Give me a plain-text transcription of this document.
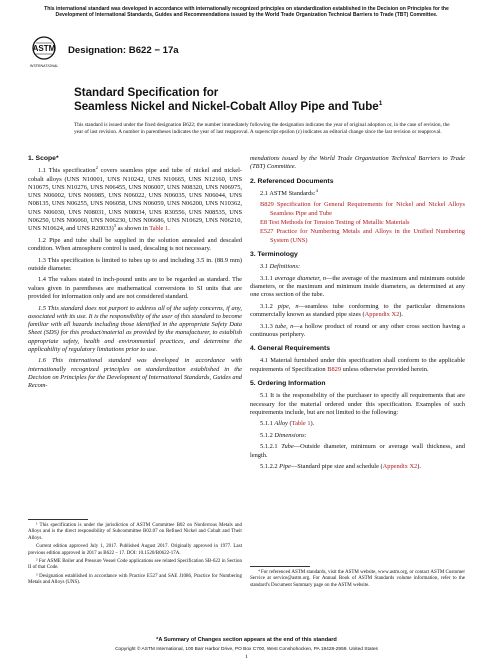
This international standard was developed in accordance with internationally recognized principles on standardization established in the Decision on Principles for the Development of International Standards, Guides and Recommendations issued by the World Trade Organization Technical Barriers to Trade (TBT) Committee.
ASTM
INTERNATIONAL
Designation: B622 − 17a
Standard Specification for
Seamless Nickel and Nickel-Cobalt Alloy Pipe and Tube$^1$
This standard is issued under the fixed designation B622; the number immediately following the designation indicates the year of original adoption or, in the case of revision, the year of last revision. A number in parentheses indicates the year of last reapproval. A superscript epsilon (ε) indicates an editorial change since the last revision or reapproval.
1. Scope*
1.1 This specification$^2$ covers seamless pipe and tube of nickel and nickel-cobalt alloys (UNS N10001, UNS N10242, UNS N10665, UNS N12160, UNS N10675, UNS N10276, UNS N06455, UNS N06007, UNS N08320, UNS N06975, UNS N06002, UNS N06985, UNS N06022, UNS N06035, UNS N06044, UNS N08135, UNS N06255, UNS N06058, UNS N06059, UNS N06200, UNS N10362, UNS N06030, UNS N08031, UNS N08034, UNS R30556, UNS N08535, UNS N06250, UNS N06060, UNS N06230, UNS N06686, UNS N10629, UNS N06210, UNS N10624, and UNS R20033)$^3$ as shown in Table 1.
1.2 Pipe and tube shall be supplied in the solution annealed and descaled condition. When atmosphere control is used, descaling is not necessary.
1.3 This specification is limited to tubes up to and including 3.5 in. (88.9 mm) outside diameter.
1.4 The values stated in inch-pound units are to be regarded as standard. The values given in parentheses are mathematical conversions to SI units that are provided for information only and are not considered standard.
1.5 This standard does not purport to address all of the safety concerns, if any, associated with its use. It is the responsibility of the user of this standard to become familiar with all hazards including those identified in the appropriate Safety Data Sheet (SDS) for this product/material as provided by the manufacturer, to establish appropriate safety, health and environmental practices, and determine the applicability of regulatory limitations prior to use.
1.6 This international standard was developed in accordance with internationally recognized principles on standardization established in the Decision on Principles for the Development of International Standards, Guides and Recom-
mendations issued by the World Trade Organization Technical Barriers to Trade (TBT) Committee.
2. Referenced Documents
2.1 ASTM Standards:$^4$
B829 Specification for General Requirements for Nickel and Nickel Alloys Seamless Pipe and Tube
E8 Test Methods for Tension Testing of Metallic Materials
E527 Practice for Numbering Metals and Alloys in the Unified Numbering System (UNS)
3. Terminology
3.1 Definitions:
3.1.1 average diameter, n—the average of the maximum and minimum outside diameters, or the maximum and minimum inside diameters, as determined at any one cross section of the tube.
3.1.2 pipe, n—seamless tube conforming to the particular dimensions commercially known as standard pipe sizes (Appendix X2).
3.1.3 tube, n—a hollow product of round or any other cross section having a continuous periphery.
4. General Requirements
4.1 Material furnished under this specification shall conform to the applicable requirements of Specification B829 unless otherwise provided herein.
5. Ordering Information
5.1 It is the responsibility of the purchaser to specify all requirements that are necessary for the material ordered under this specification. Examples of such requirements include, but are not limited to the following:
5.1.1 Alloy (Table 1).
5.1.2 Dimensions:
5.1.2.1 Tube—Outside diameter, minimum or average wall thickness, and length.
5.1.2.2 Pipe—Standard pipe size and schedule (Appendix X2).
¹ This specification is under the jurisdiction of ASTM Committee B02 on Nonferrous Metals and Alloys and is the direct responsibility of Subcommittee B02.07 on Refined Nickel and Cobalt and Their Alloys.
Current edition approved July 1, 2017. Published August 2017. Originally approved in 1977. Last previous edition approved in 2017 as B622 – 17. DOI: 10.1520/B0622-17A.
² For ASME Boiler and Pressure Vessel Code applications see related Specification SB-622 in Section II of that Code.
³ Designation established in accordance with Practice E527 and SAE J1086, Practice for Numbering Metals and Alloys (UNS).
⁴ For referenced ASTM standards, visit the ASTM website, www.astm.org, or contact ASTM Customer Service at service@astm.org. For Annual Book of ASTM Standards volume information, refer to the standard's Document Summary page on the ASTM website.
*A Summary of Changes section appears at the end of this standard
Copyright © ASTM International, 100 Barr Harbor Drive, PO Box C700, West Conshohocken, PA 19428-2959. United States
1
